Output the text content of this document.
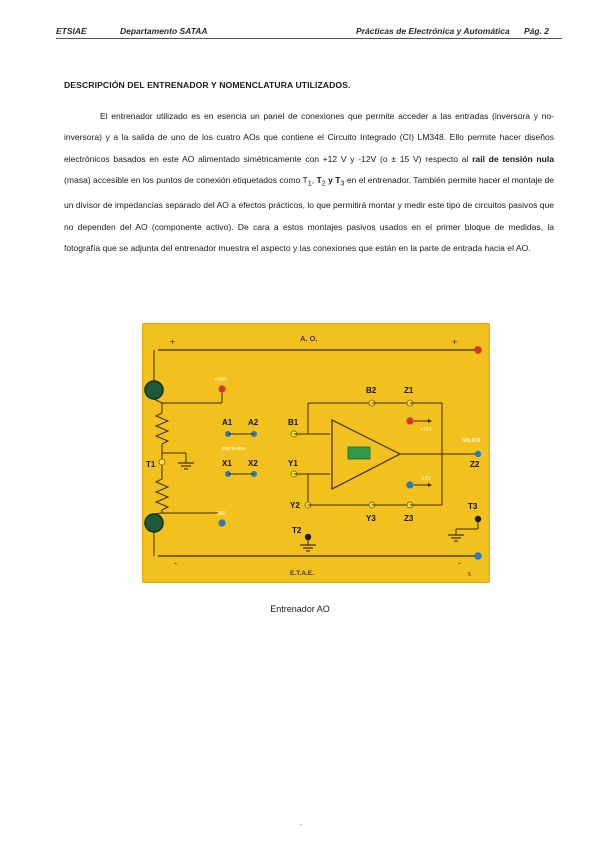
ETSIAE	Departamento SATAA	Prácticas de Electrónica y Automática Pág. 2
DESCRIPCIÓN DEL ENTRENADOR Y NOMENCLATURA UTILIZADOS.
El entrenador utilizado es en esencia un panel de conexiones que permite acceder a las entradas (inversora y no-inversora) y a la salida de uno de los cuatro AOs que contiene el Circuito Integrado (CI) LM348. Ello permite hacer diseños electrónicos basados en este AO alimentado simétricamente con +12 V y -12V (o ± 15 V) respecto al rail de tensión nula (masa) accesible en los puntos de conexión etiquetados como $T_1$, $T_2$ y $T_3$ en el entrenador. También permite hacer el montaje de un divisor de impedancias separado del AO a efectos prácticos, lo que permitirá montar y medir este tipo de circuitos pasivos que no dependen del AO (componente activo). De cara a estos montajes pasivos usados en el primer bloque de medidas, la fotografía que se adjunta del entrenador muestra el aspecto y las conexiones que están en la parte de entrada hacia el AO.
A. O.
E.T.A.E.
+	+
-	-
5
T1
+VAR.
-VAR.
A1 A2
ENTRADA
X1 X2
B1
Y1
B2	Z1
+12V
SALIDA
Z2
-12V
Y2
Y3	Z3
T2
T3
Entrenador AO
